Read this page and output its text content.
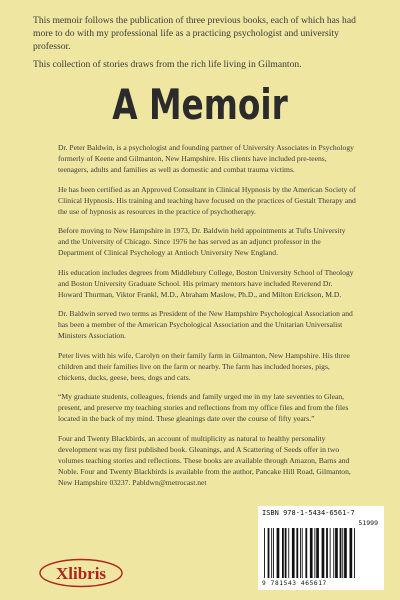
This memoir follows the publication of three previous books, each of which has had more to do with my professional life as a practicing psychologist and university professor.

This collection of stories draws from the rich life living in Gilmanton.

A Memoir

Dr. Peter Baldwin, is a psychologist and founding partner of University Associates in Psychology formerly of Keene and Gilmanton, New Hampshire. His clients have included pre-teens, teenagers, adults and families as well as domestic and combat trauma victims.

He has been certified as an Approved Consultant in Clinical Hypnosis by the American Society of Clinical Hypnosis. His training and teaching have focused on the practices of Gestalt Therapy and the use of hypnosis as resources in the practice of psychotherapy.

Before moving to New Hampshire in 1973, Dr. Baldwin held appointments at Tufts University and the University of Chicago. Since 1976 he has served as an adjunct professor in the Department of Clinical Psychology at Antioch University New England.

His education includes degrees from Middlebury College, Boston University School of Theology and Boston University Graduate School. His primary mentors have included Reverend Dr. Howard Thurman, Viktor Frankl, M.D., Abraham Maslow, Ph.D., and Milton Erickson, M.D.

Dr. Baldwin served two terms as President of the New Hampshire Psychological Association and has been a member of the American Psychological Association and the Unitarian Universalist Ministers Association.

Peter lives with his wife, Carolyn on their family farm in Gilmanton, New Hampshire. His three children and their families live on the farm or nearby. The farm has included horses, pigs, chickens, ducks, geese, bees, dogs and cats.

“My graduate students, colleagues, friends and family urged me in my late seventies to Glean, present, and preserve my teaching stories and reflections from my office files and from the files located in the back of my mind. These gleanings date over the course of fifty years.”

Four and Twenty Blackbirds, an account of multiplicity as natural to healthy personality development was my first published book. Gleanings, and A Scattering of Seeds offer in two volumes teaching stories and reflections. These books are available through Amazon, Barns and Noble. Four and Twenty Blackbirds is available from the author, Pancake Hill Road, Gilmanton, New Hampshire 03237. Pabldwn@metrocast.net

ISBN 978-1-5434-6561-7
51999
9 781543 465617
Xlibris
